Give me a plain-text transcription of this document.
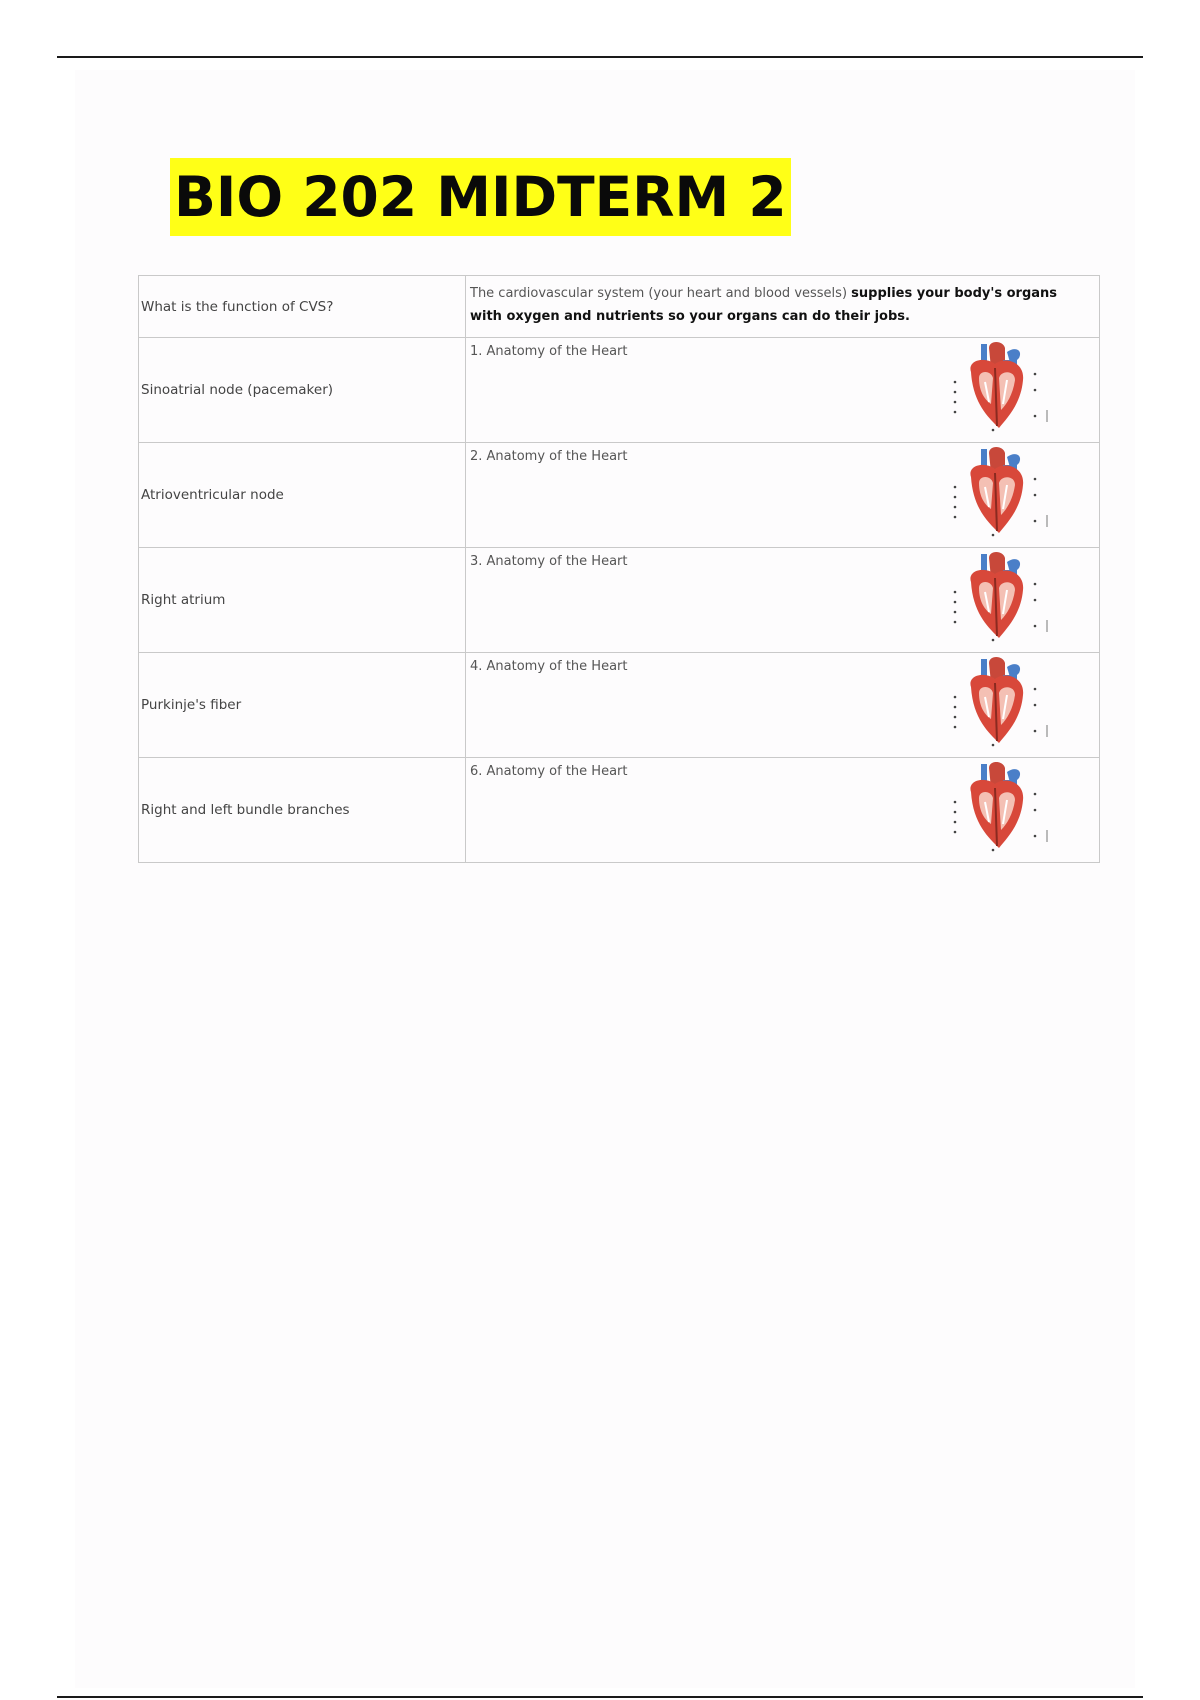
BIO 202 MIDTERM 2
What is the function of CVS?	The cardiovascular system (your heart and blood vessels) supplies your body's organs with oxygen and nutrients so your organs can do their jobs.
Sinoatrial node (pacemaker)	1. Anatomy of the Heart

Atrioventricular node	2. Anatomy of the Heart

Right atrium	3. Anatomy of the Heart

Purkinje's fiber	4. Anatomy of the Heart

Right and left bundle branches	6. Anatomy of the Heart
